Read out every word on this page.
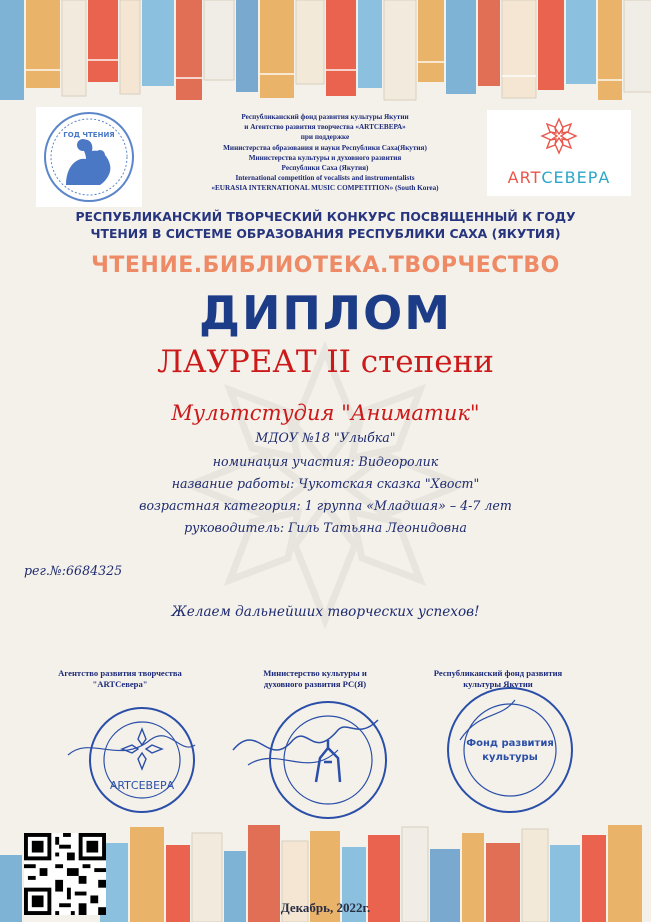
ГОД ЧТЕНИЯ
Республиканский фонд развития культуры Якутии
и Агентство развития творчества «ARTСЕВЕРА»
при поддержке
Министерства образования и науки Республики Саха(Якутия)
Министерства культуры и духовного развития
Республики Саха (Якутия)
International competition of vocalists and instrumentalists
«EURASIA INTERNATIONAL MUSIC COMPETITION» (South Korea)
ARTСЕВЕРА
РЕСПУБЛИКАНСКИЙ ТВОРЧЕСКИЙ КОНКУРС ПОСВЯЩЕННЫЙ К ГОДУ
ЧТЕНИЯ В СИСТЕМЕ ОБРАЗОВАНИЯ РЕСПУБЛИКИ САХА (ЯКУТИЯ)
ЧТЕНИЕ.БИБЛИОТЕКА.ТВОРЧЕСТВО
ДИПЛОМ
ЛАУРЕАТ II степени
Мультстудия "Аниматик"
МДОУ №18 "Улыбка"
номинация участия: Видеоролик
название работы: Чукотская сказка "Хвост"
возрастная категория: 1 группа «Младшая» – 4-7 лет
руководитель: Гиль Татьяна Леонидовна
рег.№:6684325
Желаем дальнейших творческих успехов!
Агентство развития творчества
"ARTСевера"
Министерство культуры и
духовного развития РС(Я)
Республиканский фонд развития
культуры Якутии
ARTСЕВЕРА
Фонд развития
культуры
Декабрь, 2022г.
